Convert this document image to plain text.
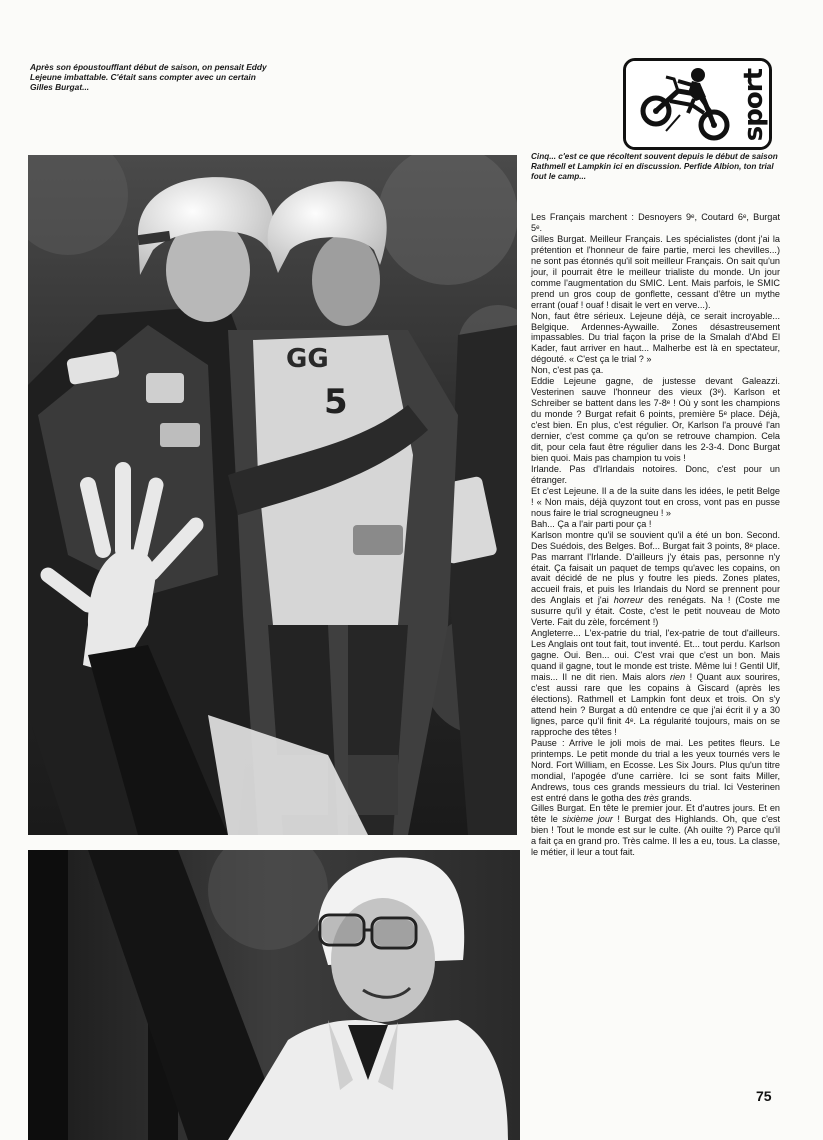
Après son époustoufflant début de saison, on pensait Eddy Lejeune imbattable. C'était sans compter avec un certain Gilles Burgat...	sport
Cinq... c'est ce que récoltent souvent depuis le début de saison Rathmell et Lampkin ici en discussion. Perfide Albion, ton trial fout le camp...
GG
5

Les Français marchent : Desnoyers 9ᵉ, Coutard 6ᵉ, Burgat 5ᵉ.

Gilles Burgat. Meilleur Français. Les spécialistes (dont j'ai la prétention et l'honneur de faire partie, merci les chevilles...) ne sont pas étonnés qu'il soit meilleur Français. On sait qu'un jour, il pourrait être le meilleur trialiste du monde. Un jour comme l'augmentation du SMIC. Lent. Mais parfois, le SMIC prend un gros coup de gonflette, cessant d'être un mythe errant (ouaf ! ouaf ! disait le vert en verve...).

Non, faut être sérieux. Lejeune déjà, ce serait incroyable... Belgique. Ardennes-Aywaille. Zones désastreusement impassables. Du trial façon la prise de la Smalah d'Abd El Kader, faut arriver en haut... Malherbe est là en spectateur, dégouté. « C'est ça le trial ? »

Non, c'est pas ça.

Eddie Lejeune gagne, de justesse devant Galeazzi. Vesterinen sauve l'honneur des vieux (3ᵉ). Karlson et Schreiber se battent dans les 7-8ᵉ ! Où y sont les champions du monde ? Burgat refait 6 points, première 5ᵉ place. Déjà, c'est bien. En plus, c'est régulier. Or, Karlson l'a prouvé l'an dernier, c'est comme ça qu'on se retrouve champion. Cela dit, pour cela faut être régulier dans les 2-3-4. Donc Burgat bien quoi. Mais pas champion tu vois !

Irlande. Pas d'Irlandais notoires. Donc, c'est pour un étranger.

Et c'est Lejeune. Il a de la suite dans les idées, le petit Belge ! « Non mais, déjà quyzont tout en cross, vont pas en pusse nous faire le trial scrogneugneu ! »

Bah... Ça a l'air parti pour ça !

Karlson montre qu'il se souvient qu'il a été un bon. Second. Des Suédois, des Belges. Bof... Burgat fait 3 points, 8ᵉ place. Pas marrant l'Irlande. D'ailleurs j'y étais pas, personne n'y était. Ça faisait un paquet de temps qu'avec les copains, on avait décidé de ne plus y foutre les pieds. Zones plates, accueil frais, et puis les Irlandais du Nord se prennent pour des Anglais et j'ai horreur des renégats. Na ! (Coste me susurre qu'il y était. Coste, c'est le petit nouveau de Moto Verte. Fait du zèle, forcément !)

Angleterre... L'ex-patrie du trial, l'ex-patrie de tout d'ailleurs. Les Anglais ont tout fait, tout inventé. Et... tout perdu. Karlson gagne. Oui. Ben... oui. C'est vrai que c'est un bon. Mais quand il gagne, tout le monde est triste. Même lui ! Gentil Ulf, mais... Il ne dit rien. Mais alors rien ! Quant aux sourires, c'est aussi rare que les copains à Giscard (après les élections). Rathmell et Lampkin font deux et trois. On s'y attend hein ? Burgat a dû entendre ce que j'ai écrit il y a 30 lignes, parce qu'il finit 4ᵉ. La régularité toujours, mais on se rapproche des têtes !

Pause : Arrive le joli mois de mai. Les petites fleurs. Le printemps. Le petit monde du trial a les yeux tournés vers le Nord. Fort William, en Ecosse. Les Six Jours. Plus qu'un titre mondial, l'apogée d'une carrière. Ici se sont faits Miller, Andrews, tous ces grands messieurs du trial. Ici Vesterinen est entré dans le gotha des très grands.

Gilles Burgat. En tête le premier jour. Et d'autres jours. Et en tête le sixième jour ! Burgat des Highlands. Oh, que c'est bien ! Tout le monde est sur le culte. (Ah ouilte ?) Parce qu'il a fait ça en grand pro. Très calme. Il les a eu, tous. La classe, le métier, il leur a tout fait.

75
